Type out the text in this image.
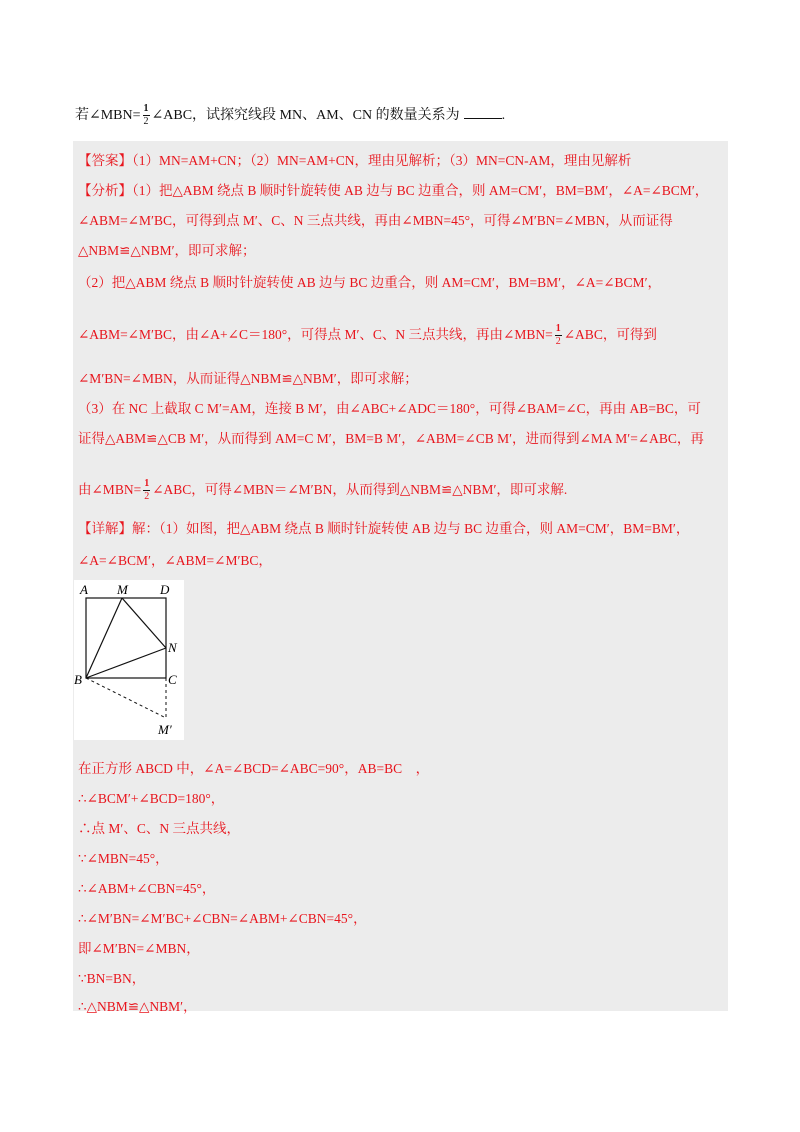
若∠MBN= $\frac{1}{2}$ ∠ABC，试探究线段 MN、AM、CN 的数量关系为	.
【答案】（1）MN=AM+CN；（2）MN=AM+CN，理由见解析；（3）MN=CN-AM，理由见解析
【分析】（1）把△ABM 绕点 B 顺时针旋转使 AB 边与 BC 边重合，则 AM=CM′，BM=BM′，∠A=∠BCM′，
∠ABM=∠M′BC，可得到点 M′、C、N 三点共线，再由∠MBN=45°，可得∠M′BN=∠MBN，从而证得
△NBM≌△NBM′，即可求解；
（2）把△ABM 绕点 B 顺时针旋转使 AB 边与 BC 边重合，则 AM=CM′，BM=BM′，∠A=∠BCM′，
∠ABM=∠M′BC，由∠A+∠C＝180°，可得点 M′、C、N 三点共线，再由∠MBN= $\frac{1}{2}$ ∠ABC，可得到
∠M′BN=∠MBN，从而证得△NBM≌△NBM′，即可求解；
（3）在 NC 上截取 C M′=AM，连接 B M′，由∠ABC+∠ADC＝180°，可得∠BAM=∠C，再由 AB=BC，可
证得△ABM≌△CB M′，从而得到 AM=C M′，BM=B M′，∠ABM=∠CB M′，进而得到∠MA M′=∠ABC，再
由∠MBN= $\frac{1}{2}$ ∠ABC，可得∠MBN＝∠M′BN，从而得到△NBM≌△NBM′，即可求解.
【详解】解：（1）如图，把△ABM 绕点 B 顺时针旋转使 AB 边与 BC 边重合，则 AM=CM′，BM=BM′，
∠A=∠BCM′，∠ABM=∠M′BC，
A M D
N
B	C
M′
在正方形 ABCD 中，∠A=∠BCD=∠ABC=90°，AB=BC　，
∴∠BCM′+∠BCD=180°，
∴点 M′、C、N 三点共线，
∵∠MBN=45°，
∴∠ABM+∠CBN=45°，
∴∠M′BN=∠M′BC+∠CBN=∠ABM+∠CBN=45°，
即∠M′BN=∠MBN，
∵BN=BN，
∴△NBM≌△NBM′，
